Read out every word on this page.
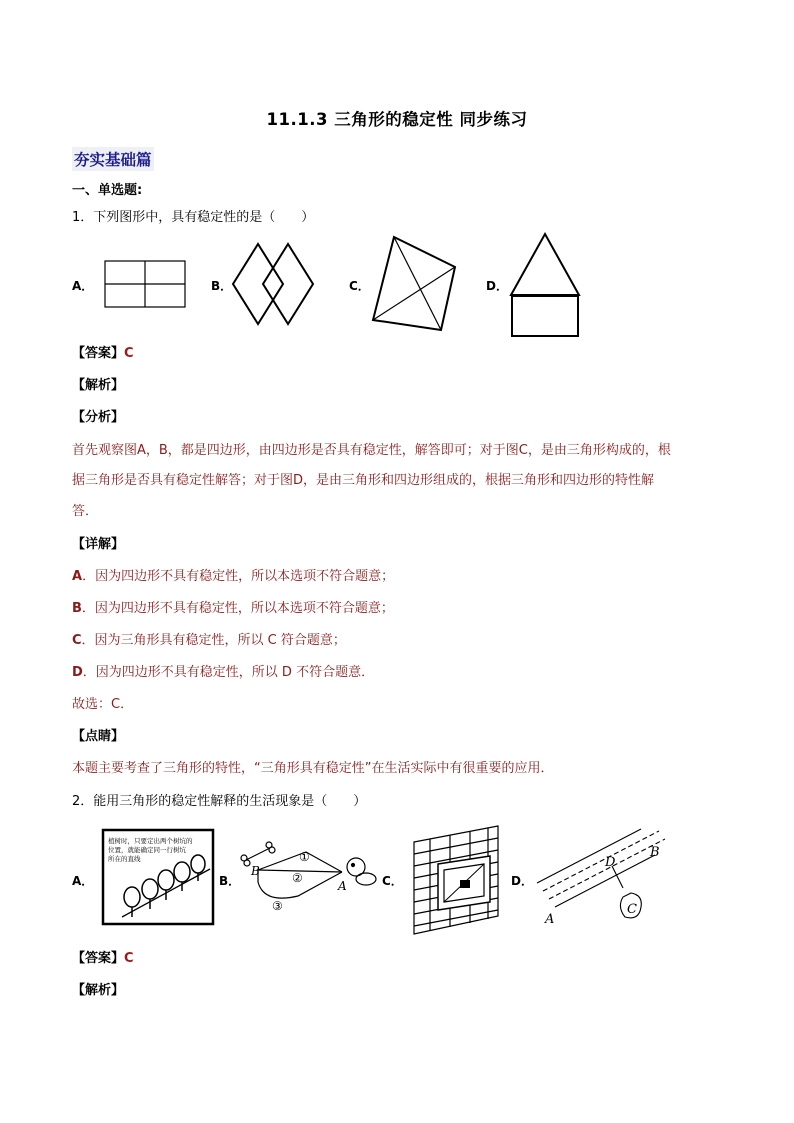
11.1.3 三角形的稳定性 同步练习
夯实基础篇
一、单选题:
1．下列图形中，具有稳定性的是（　　）
A．	B．	C．	D．
【答案】C
【解析】
【分析】
首先观察图A，B，都是四边形，由四边形是否具有稳定性，解答即可；对于图C，是由三角形构成的，根
据三角形是否具有稳定性解答；对于图D，是由三角形和四边形组成的，根据三角形和四边形的特性解
答．
【详解】
A．因为四边形不具有稳定性，所以本选项不符合题意；
B．因为四边形不具有稳定性，所以本选项不符合题意；
C．因为三角形具有稳定性，所以 C 符合题意；
D．因为四边形不具有稳定性，所以 D 不符合题意．
故选：C．
【点睛】
本题主要考查了三角形的特性，“三角形具有稳定性”在生活实际中有很重要的应用．
2．能用三角形的稳定性解释的生活现象是（　　）
A．
植树时，只要定出两个树坑的
位置，就能确定同一行树坑
所在的直线
B．
①
②
③
B
A	C．	D．
A
B
C
D
【答案】C
【解析】
